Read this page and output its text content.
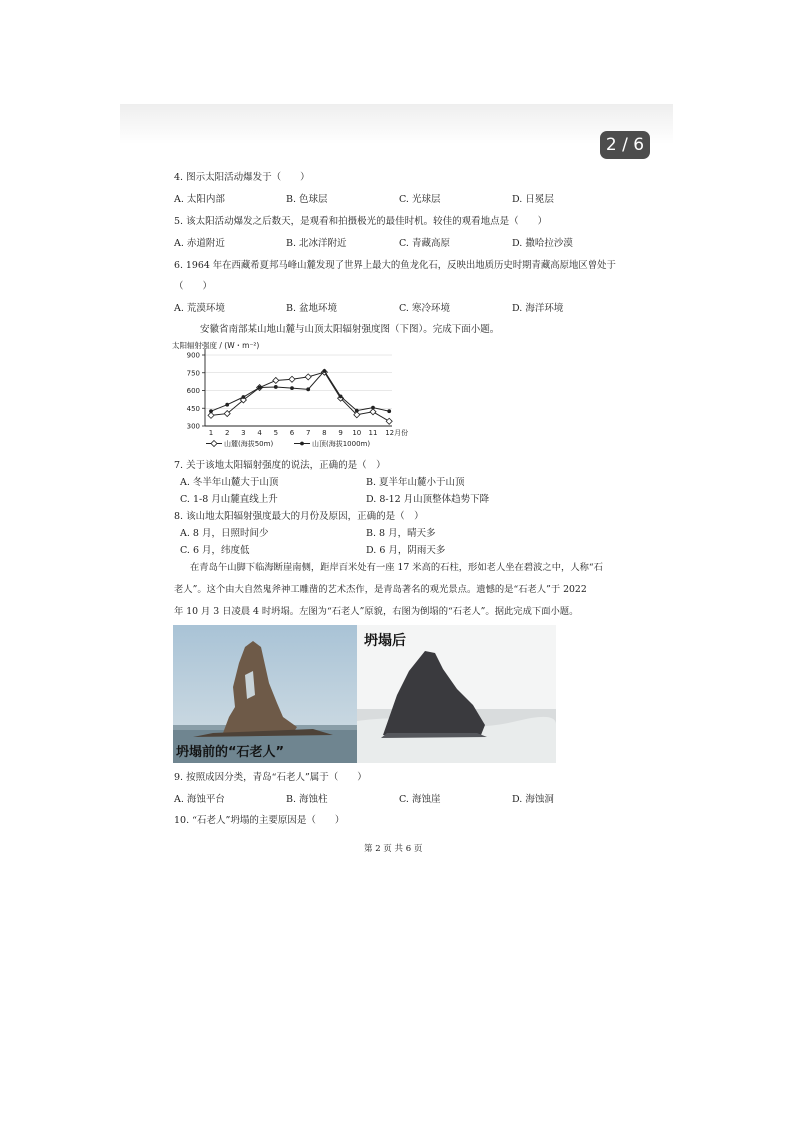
2 / 6
4. 图示太阳活动爆发于（　　）
A. 太阳内部	B. 色球层	C. 光球层	D. 日冕层
5. 该太阳活动爆发之后数天，是观看和拍摄极光的最佳时机。较佳的观看地点是（　　）
A. 赤道附近	B. 北冰洋附近	C. 青藏高原	D. 撒哈拉沙漠
6. 1964 年在西藏希夏邦马峰山麓发现了世界上最大的鱼龙化石，反映出地质历史时期青藏高原地区曾处于
（　　）
A. 荒漠环境	B. 盆地环境	C. 寒冷环境	D. 海洋环境
安徽省南部某山地山麓与山顶太阳辐射强度图（下图）。完成下面小题。
太阳辐射强度 / (W・m⁻²)
300
450
600
750
900
1 2 3 4 5 6 7 8 9 10 11 12月份
山麓(海拔50m)	山顶(海拔1000m)
7. 关于该地太阳辐射强度的说法，正确的是（　）
A. 冬半年山麓大于山顶	B. 夏半年山麓小于山顶
C. 1-8 月山麓直线上升	D. 8-12 月山顶整体趋势下降
8. 该山地太阳辐射强度最大的月份及原因，正确的是（　）
A. 8 月，日照时间少	B. 8 月，晴天多
C. 6 月，纬度低	D. 6 月，阴雨天多
在青岛午山脚下临海断崖南侧，距岸百米处有一座 17 米高的石柱，形如老人坐在碧波之中，人称“石
老人”。这个由大自然鬼斧神工雕凿的艺术杰作，是青岛著名的观光景点。遗憾的是“石老人”于 2022
年 10 月 3 日凌晨 4 时坍塌。左图为“石老人”原貌，右图为倒塌的“石老人”。据此完成下面小题。
坍塌前的“石老人”
坍塌后
9. 按照成因分类，青岛“石老人”属于（　　）
A. 海蚀平台	B. 海蚀柱	C. 海蚀崖	D. 海蚀洞
10. “石老人”坍塌的主要原因是（　　）
第 2 页 共 6 页
